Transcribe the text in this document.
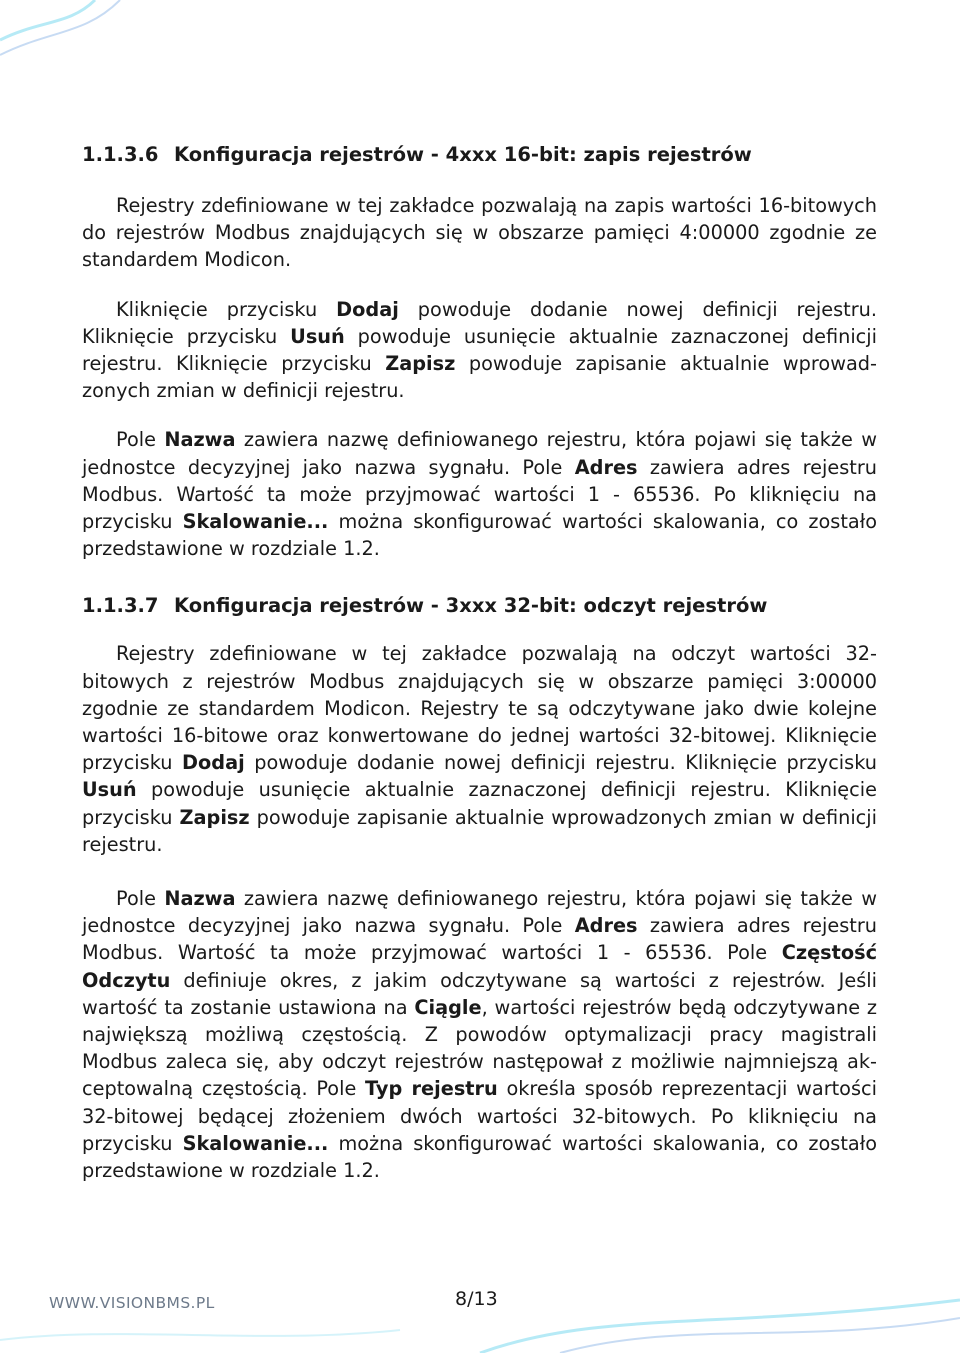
1.1.3.6 Konfiguracja rejestrów - 4xxx 16-bit: zapis rejestrów

Rejestry zdefiniowane w tej zakładce pozwalają na zapis wartości 16-bitowych do rejestrów Modbus znajdujących się w obszarze pamięci 4:00000 zgodnie ze standardem Modicon.

Kliknięcie przycisku Dodaj powoduje dodanie nowej definicji rejestru. Kliknięcie przycisku Usuń powoduje usunięcie aktualnie zaznaczonej definicji rejestru. Kliknięcie przycisku Zapisz powoduje zapisanie aktualnie wprowadzonych zmian w definicji rejestru.

Pole Nazwa zawiera nazwę definiowanego rejestru, która pojawi się także w jednostce decyzyjnej jako nazwa sygnału. Pole Adres zawiera adres rejestru Modbus. Wartość ta może przyjmować wartości 1 - 65536. Po kliknięciu na przycisku Skalowanie... można skonfigurować wartości skalowania, co zostało przedstawione w rozdziale 1.2.

1.1.3.7 Konfiguracja rejestrów - 3xxx 32-bit: odczyt rejestrów

Rejestry zdefiniowane w tej zakładce pozwalają na odczyt wartości 32-bitowych z rejestrów Modbus znajdujących się w obszarze pamięci 3:00000 zgodnie ze standardem Modicon. Rejestry te są odczytywane jako dwie kolejne wartości 16-bitowe oraz konwertowane do jednej wartości 32-bitowej. Kliknięcie przycisku Dodaj powoduje dodanie nowej definicji rejestru. Kliknięcie przycisku Usuń powoduje usunięcie aktualnie zaznaczonej definicji rejestru. Kliknięcie przycisku Zapisz powoduje zapisanie aktualnie wprowadzonych zmian w definicji rejestru.

Pole Nazwa zawiera nazwę definiowanego rejestru, która pojawi się także w jednostce decyzyjnej jako nazwa sygnału. Pole Adres zawiera adres rejestru Modbus. Wartość ta może przyjmować wartości 1 - 65536. Pole Częstość Odczytu definiuje okres, z jakim odczytywane są wartości z rejestrów. Jeśli wartość ta zostanie ustawiona na Ciągle, wartości rejestrów będą odczytywane z największą możliwą częstością. Z powodów optymalizacji pracy magistrali Modbus zaleca się, aby odczyt rejestrów następował z możliwie najmniejszą akceptowalną częstością. Pole Typ rejestru określa sposób reprezentacji wartości 32-bitowej będącej złożeniem dwóch wartości 32-bitowych. Po kliknięciu na przycisku Skalowanie... można skonfigurować wartości skalowania, co zostało przedstawione w rozdziale 1.2.

WWW.VISIONBMS.PL	8/13
